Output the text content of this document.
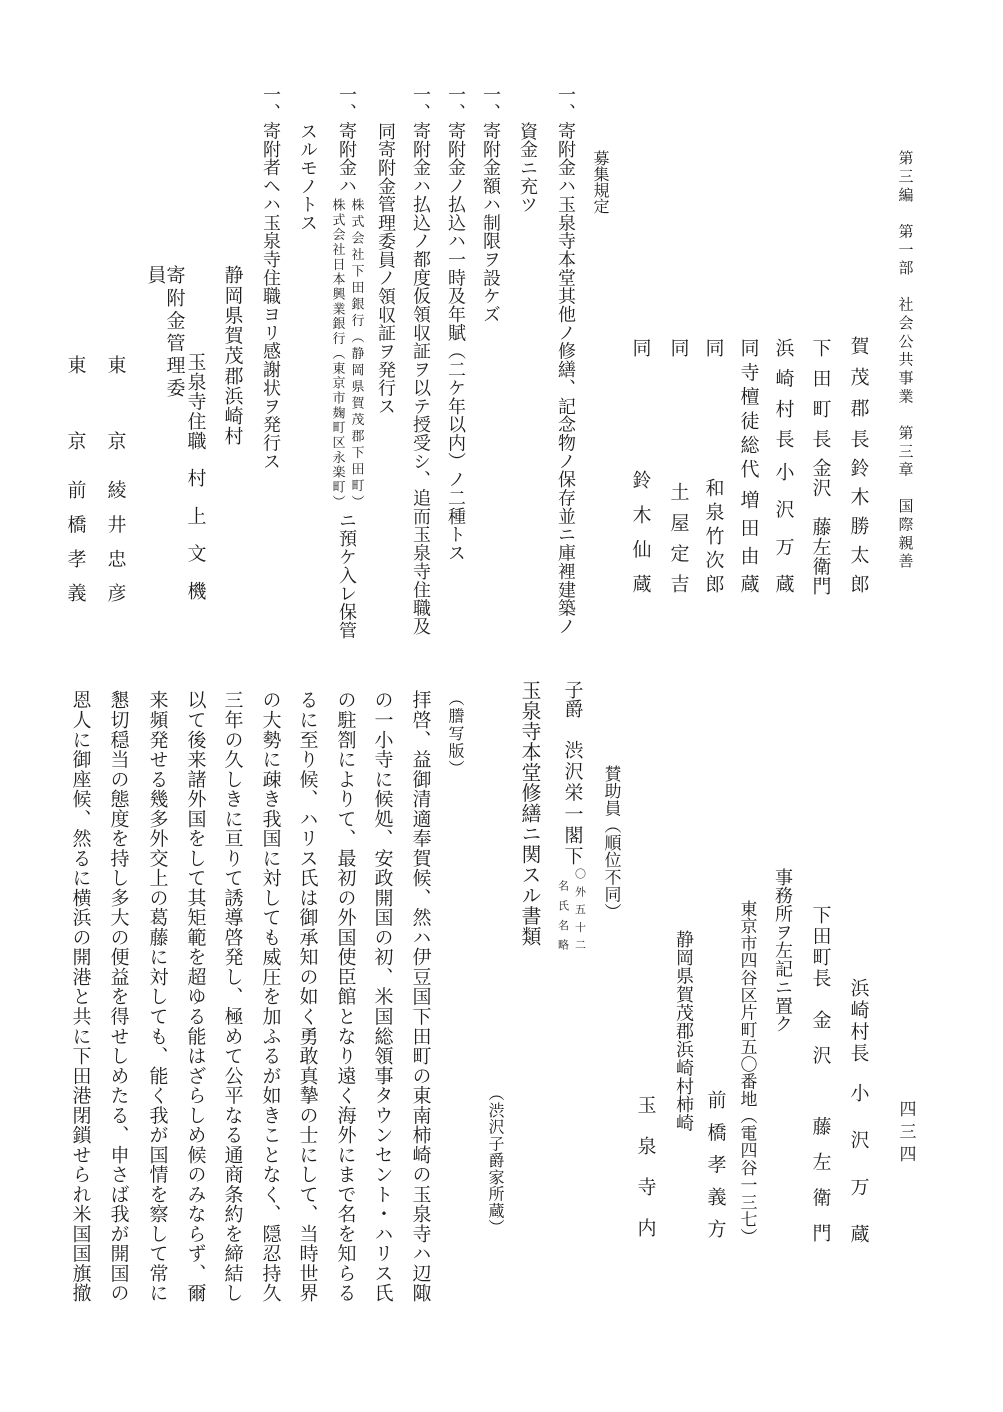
第三編　第一部　社会公共事業　第三章　国際親善
四三四
賀茂郡長
鈴木勝太郎
下田町長
金沢　藤左衛門
浜崎村長
小沢万蔵
同寺檀徒総代
増田由蔵
同
和泉竹次郎
同
土屋定吉
同
鈴木仙蔵
募集規定
一、寄附金ハ玉泉寺本堂其他ノ修繕、記念物ノ保存並ニ庫裡建築ノ
資金ニ充ツ
一、寄附金額ハ制限ヲ設ケズ
一、寄附金ノ払込ハ一時及年賦（二ケ年以内）ノ二種トス
一、寄附金ハ払込ノ都度仮領収証ヲ以テ授受シ、追而玉泉寺住職及
同寄附金管理委員ノ領収証ヲ発行ス
一、寄附金ハ
株式会社下田銀行（静岡県賀茂郡下田町）
株式会社日本興業銀行（東京市麹町区永楽町）
ニ預ケ入レ保管
スルモノトス
一、寄附者ヘハ玉泉寺住職ヨリ感謝状ヲ発行ス
静岡県賀茂郡浜崎村
玉泉寺住職
村上文機
寄附金管理委員
東京
綾井忠彦
東京
前橋孝義
浜崎村長
小沢万蔵
下田町長
金沢　藤左衛門
事務所ヲ左記ニ置ク
東京市四谷区片町五〇番地（電四谷一三七）
前橋孝義方
静岡県賀茂郡浜崎村柿崎
玉泉寺内
賛助員（順位不同）
子爵
渋沢栄一閣下
〇外五十二
名氏名略
玉泉寺本堂修繕ニ関スル書類
（渋沢子爵家所蔵）
（謄写版）
拝啓、益御清適奉賀候、然ハ伊豆国下田町の東南柿崎の玉泉寺ハ辺陬
の一小寺に候処、安政開国の初、米国総領事タウンセント・ハリス氏
の駐劄によりて、最初の外国使臣館となり遠く海外にまで名を知らる
るに至り候、ハリス氏は御承知の如く勇敢真摯の士にして、当時世界
の大勢に疎き我国に対しても威圧を加ふるが如きことなく、隠忍持久
三年の久しきに亘りて誘導啓発し、極めて公平なる通商条約を締結し
以て後来諸外国をして其矩範を超ゆる能はざらしめ候のみならず、爾
来頻発せる幾多外交上の葛藤に対しても、能く我が国情を察して常に
懇切穏当の態度を持し多大の便益を得せしめたる、申さば我が開国の
恩人に御座候、然るに横浜の開港と共に下田港閉鎖せられ米国国旗撤
